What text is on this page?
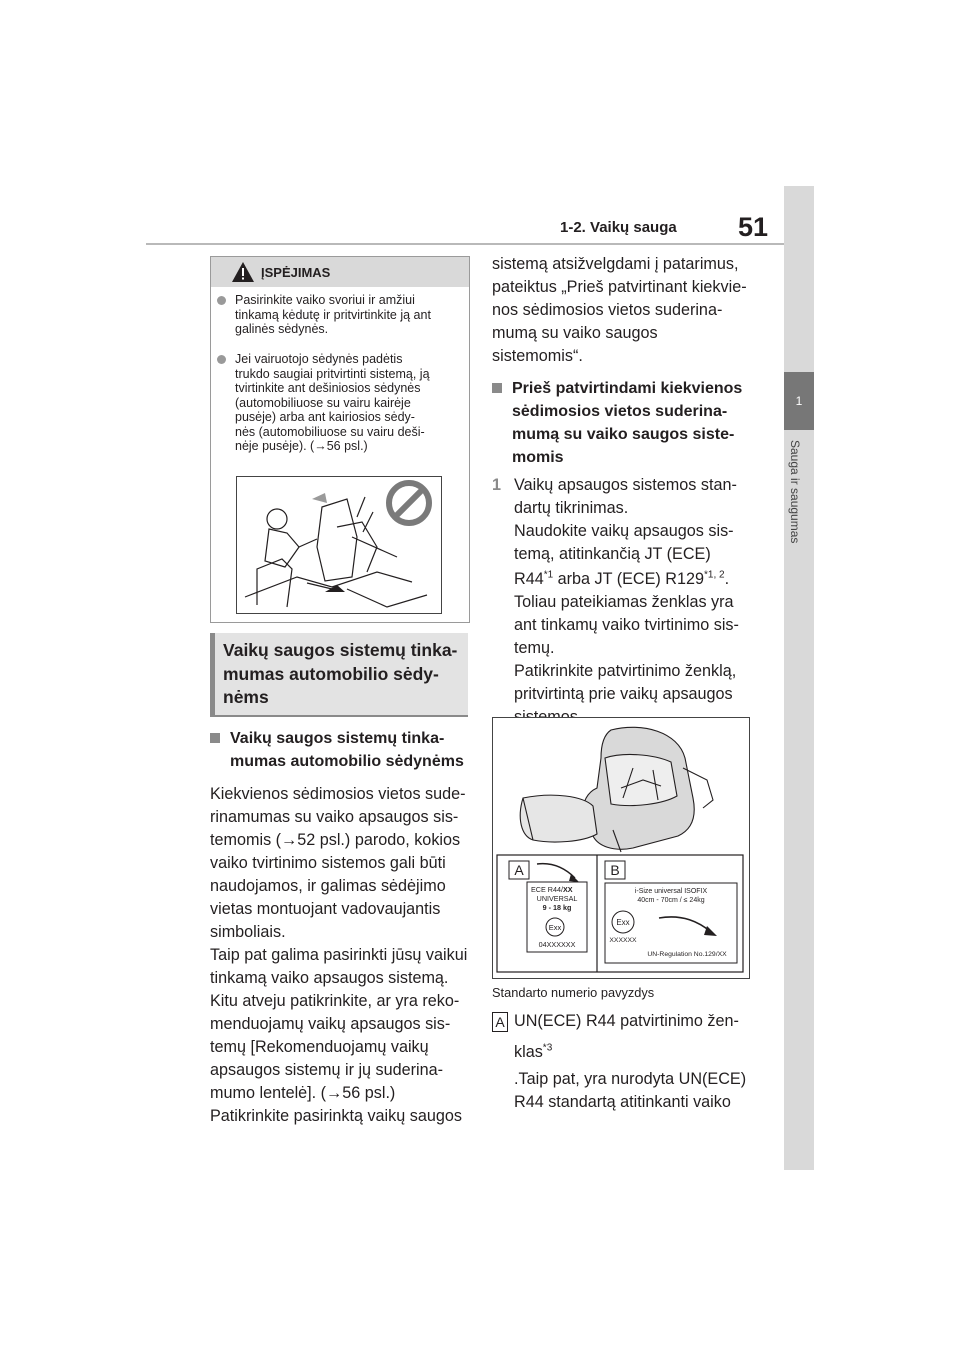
1-2. Vaikų sauga 51
1
Sauga ir saugumas
ĮSPĖJIMAS
Pasirinkite vaiko svoriui ir amžiui
tinkamą kėdutę ir pritvirtinkite ją ant
galinės sėdynės.
Jei vairuotojo sėdynės padėtis
trukdo saugiai pritvirtinti sistemą, ją
tvirtinkite ant dešiniosios sėdynės
(automobiliuose su vairu kairėje
pusėje) arba ant kairiosios sėdy-
nės (automobiliuose su vairu deši-
nėje pusėje). (→56 psl.)
Vaikų saugos sistemų tinka-
mumas automobilio sėdy-
nėms
Vaikų saugos sistemų tinka-
mumas automobilio sėdynėms
Kiekvienos sėdimosios vietos sude-
rinamumas su vaiko apsaugos sis-
temomis (→52 psl.) parodo, kokios
vaiko tvirtinimo sistemos gali būti
naudojamos, ir galimas sėdėjimo
vietas montuojant vadovaujantis
simboliais.
Taip pat galima pasirinkti jūsų vaikui
tinkamą vaiko apsaugos sistemą.
Kitu atveju patikrinkite, ar yra reko-
menduojamų vaikų apsaugos sis-
temų [Rekomenduojamų vaikų
apsaugos sistemų ir jų suderina-
mumo lentelė]. (→56 psl.)
Patikrinkite pasirinktą vaikų saugos
sistemą atsižvelgdami į patarimus,
pateiktus „Prieš patvirtinant kiekvie-
nos sėdimosios vietos suderina-
mumą su vaiko saugos
sistemomis“.
Prieš patvirtindami kiekvienos
sėdimosios vietos suderina-
mumą su vaiko saugos siste-
momis
1 Vaikų apsaugos sistemos stan-
dartų tikrinimas.
Naudokite vaikų apsaugos sis-
temą, atitinkančią JT (ECE)
R44$^{*1}$ arba JT (ECE) R129$^{*1, 2}$.
Toliau pateikiamas ženklas yra
ant tinkamų vaiko tvirtinimo sis-
temų.
Patikrinkite patvirtinimo ženklą,
pritvirtintą prie vaikų apsaugos
A	B
ECE R44/XX
UNIVERSAL
9 - 18 kg
Exx
04XXXXXX
i-Size universal ISOFIX
40cm - 70cm / ≤ 24kg
Exx
XXXXXX
UN-Regulation No.129/XX
Standarto numerio pavyzdys
A UN(ECE) R44 patvirtinimo žen-
klas$^{*3}$
.Taip pat, yra nurodyta UN(ECE)
R44 standartą atitinkanti vaiko
